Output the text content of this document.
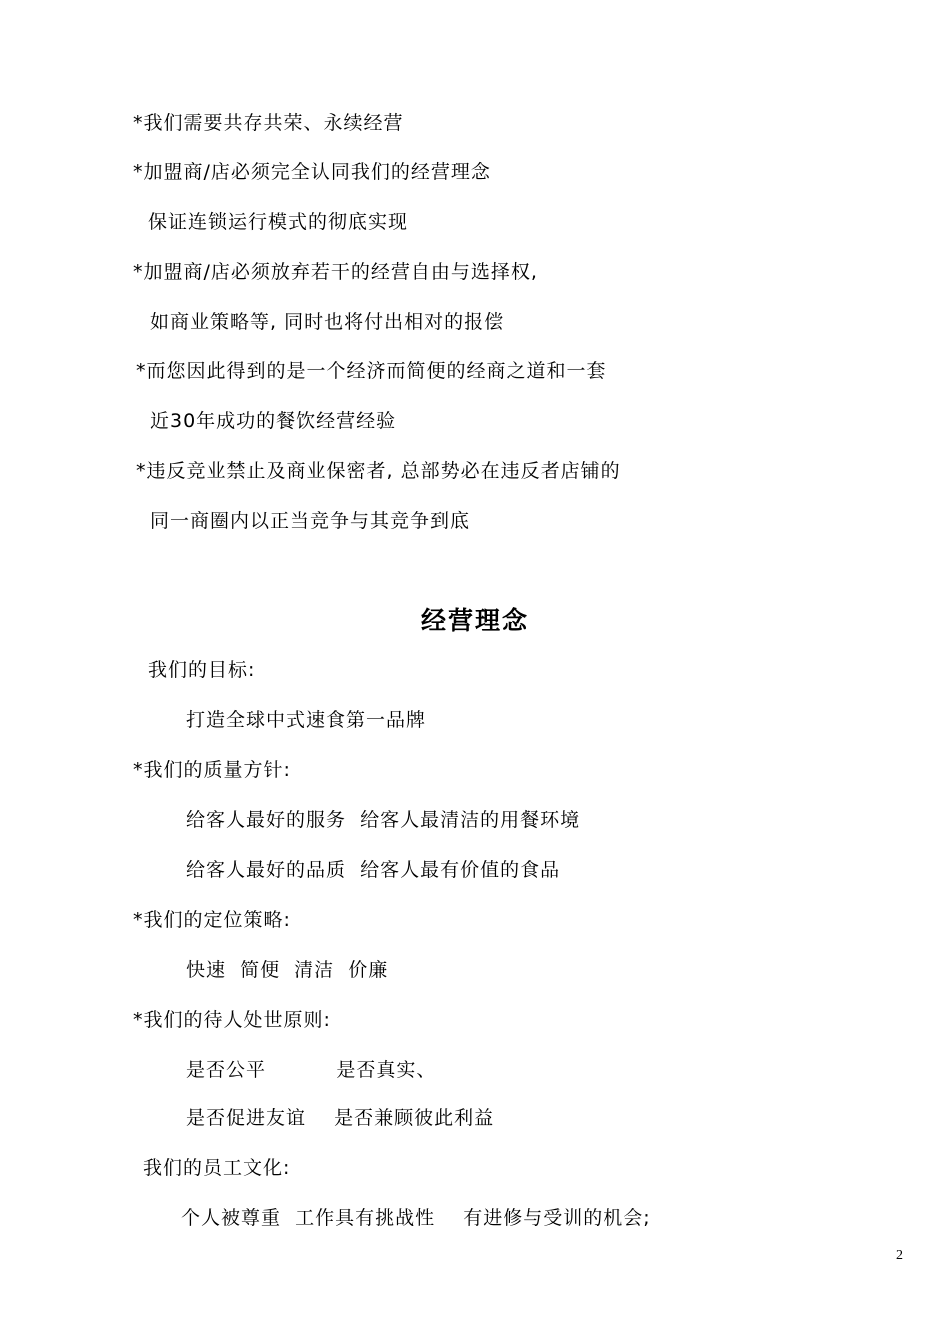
*我们需要共存共荣、永续经营
*加盟商/店必须完全认同我们的经营理念
保证连锁运行模式的彻底实现
*加盟商/店必须放弃若干的经营自由与选择权,
如商业策略等, 同时也将付出相对的报偿
*而您因此得到的是一个经济而简便的经商之道和一套
近30年成功的餐饮经营经验
*违反竞业禁止及商业保密者, 总部势必在违反者店铺的
同一商圈内以正当竞争与其竞争到底
经营理念
我们的目标:
打造全球中式速食第一品牌
*我们的质量方针:
给客人最好的服务  给客人最清洁的用餐环境
给客人最好的品质  给客人最有价值的食品
*我们的定位策略:
快速  简便  清洁  价廉
*我们的待人处世原则:
是否公平          是否真实、
是否促进友谊    是否兼顾彼此利益
我们的员工文化:
个人被尊重  工作具有挑战性    有进修与受训的机会;
2
